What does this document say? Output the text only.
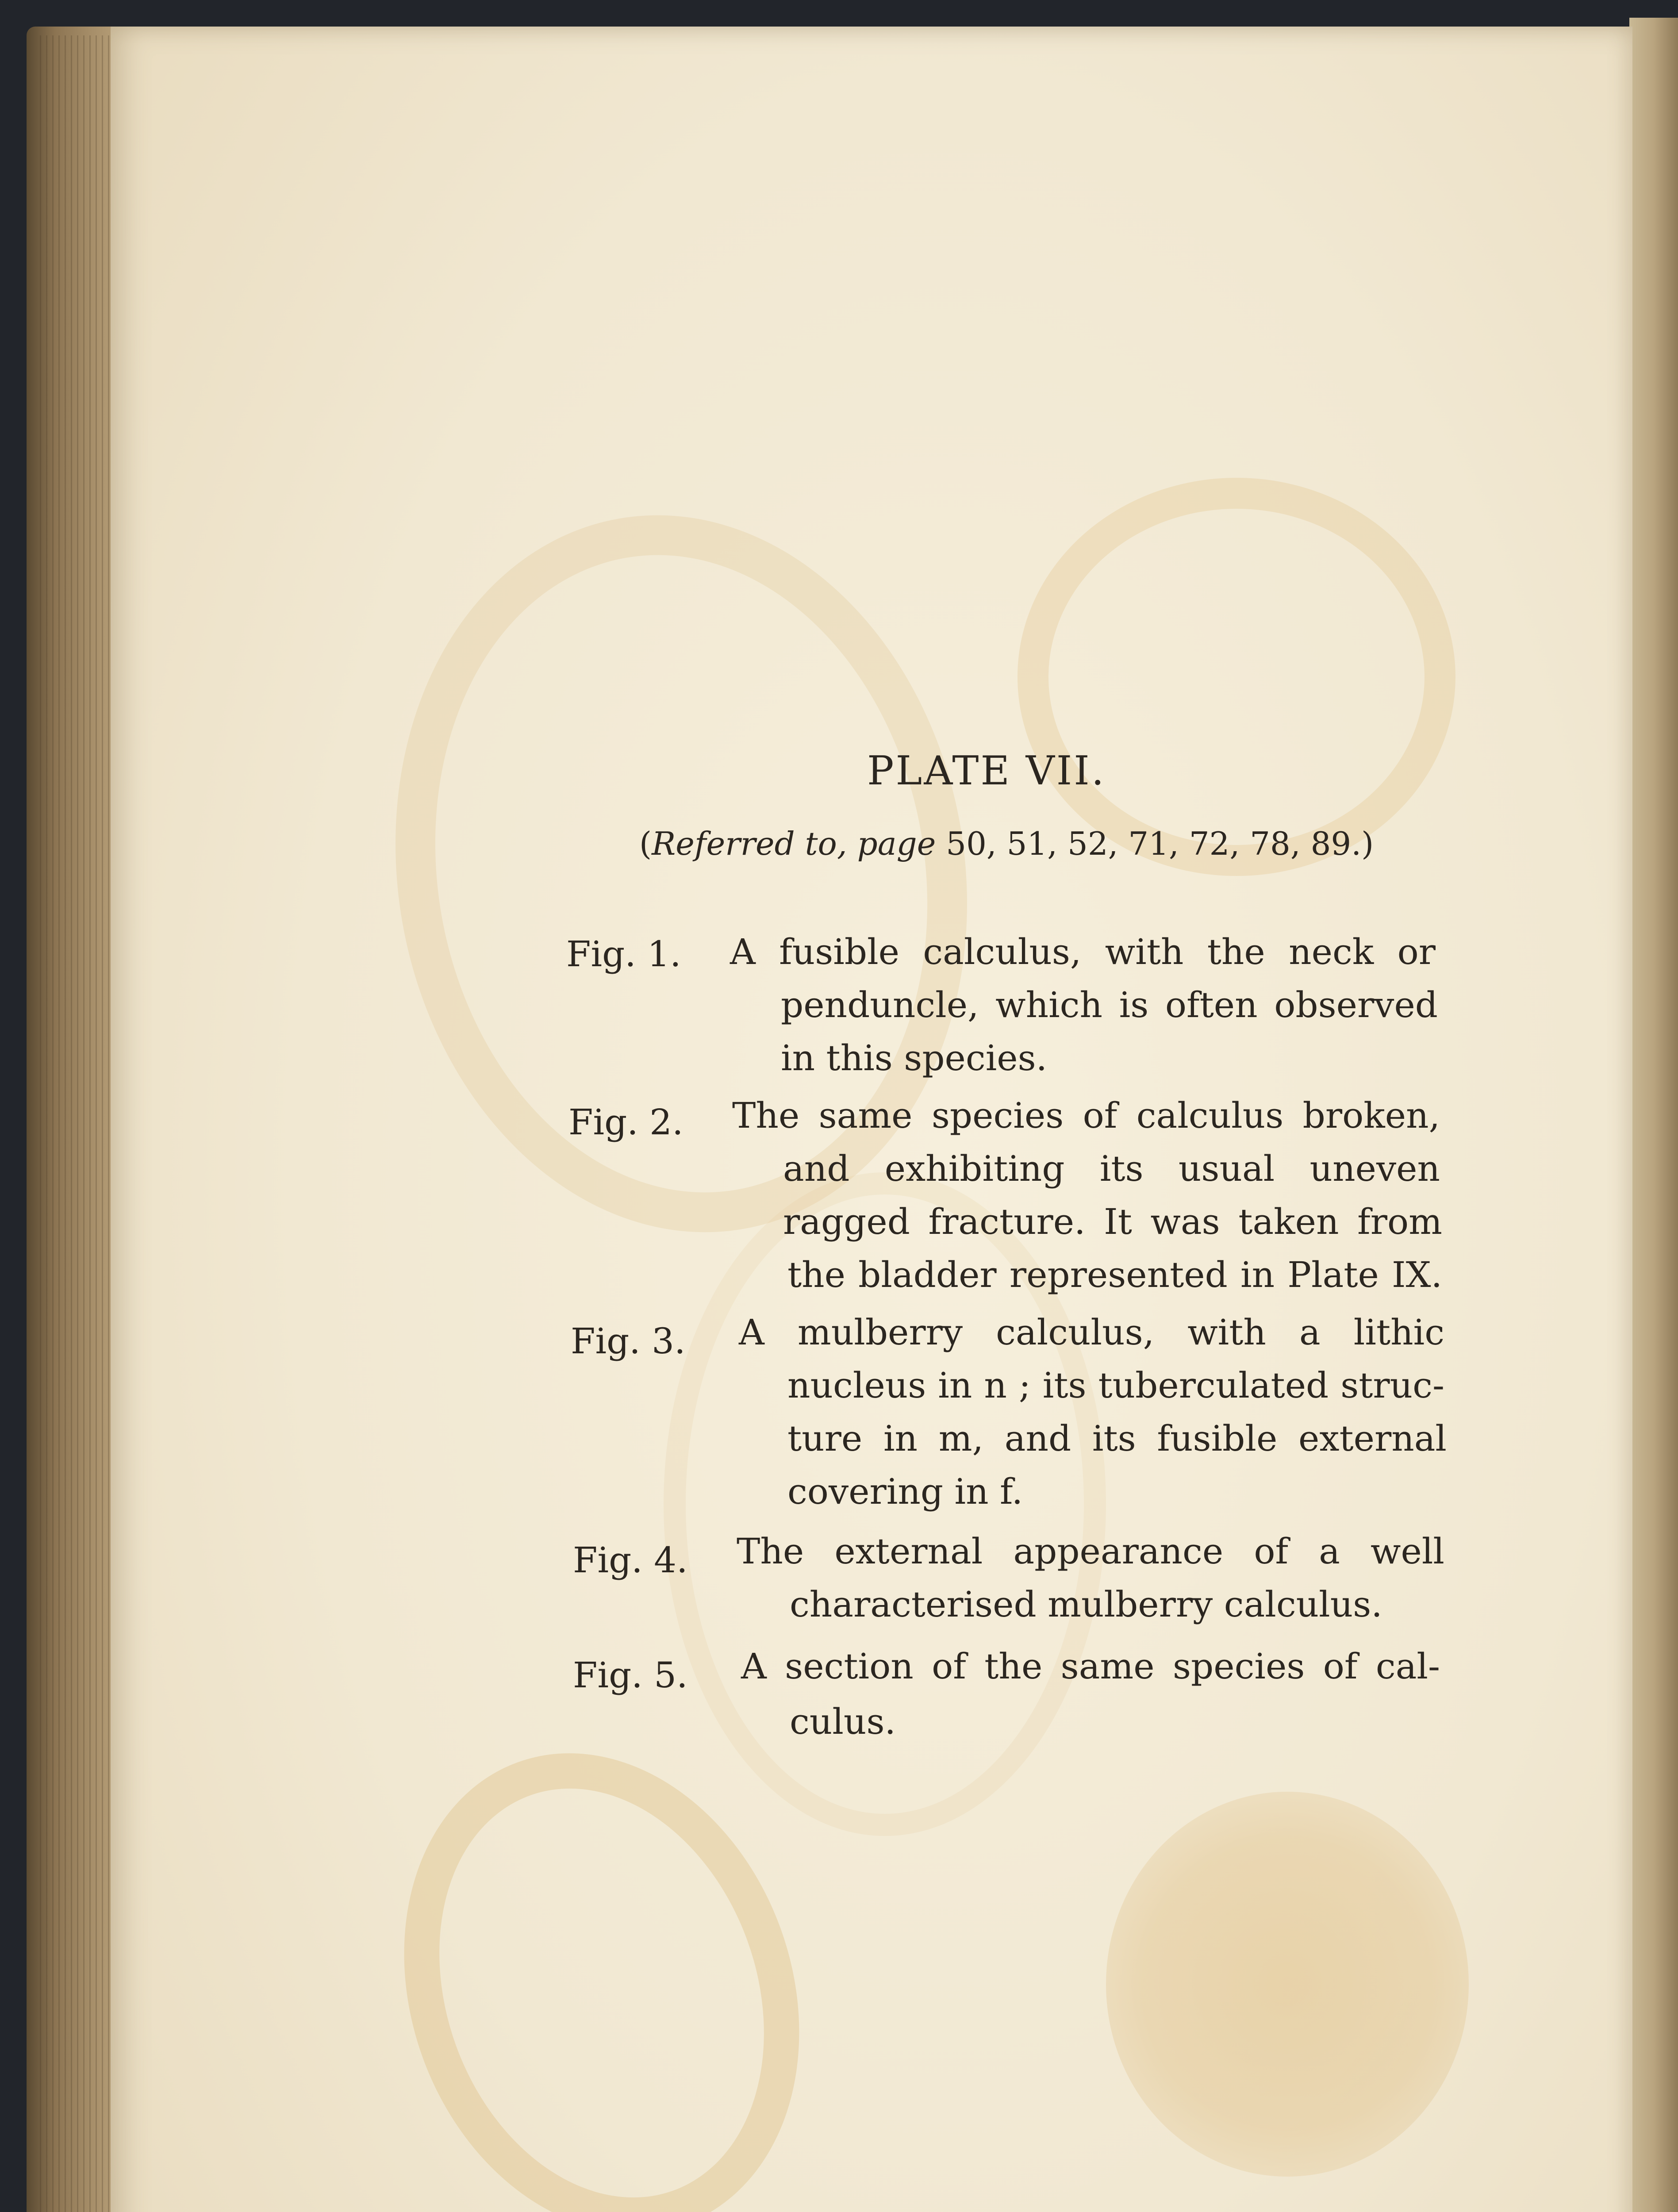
PLATE VII.
(Referred to, page 50, 51, 52, 71, 72, 78, 89.)
Fig. 1. A fusible calculus, with the neck or
penduncle, which is often observed
in this species.
Fig. 2. The same species of calculus broken,
and exhibiting its usual uneven
ragged fracture. It was taken from
the bladder represented in Plate IX.
Fig. 3. A mulberry calculus, with a lithic
nucleus in n ; its tuberculated struc-
ture in m, and its fusible external
covering in f.
Fig. 4. The external appearance of a well
characterised mulberry calculus.
Fig. 5. A section of the same species of cal-
culus.
